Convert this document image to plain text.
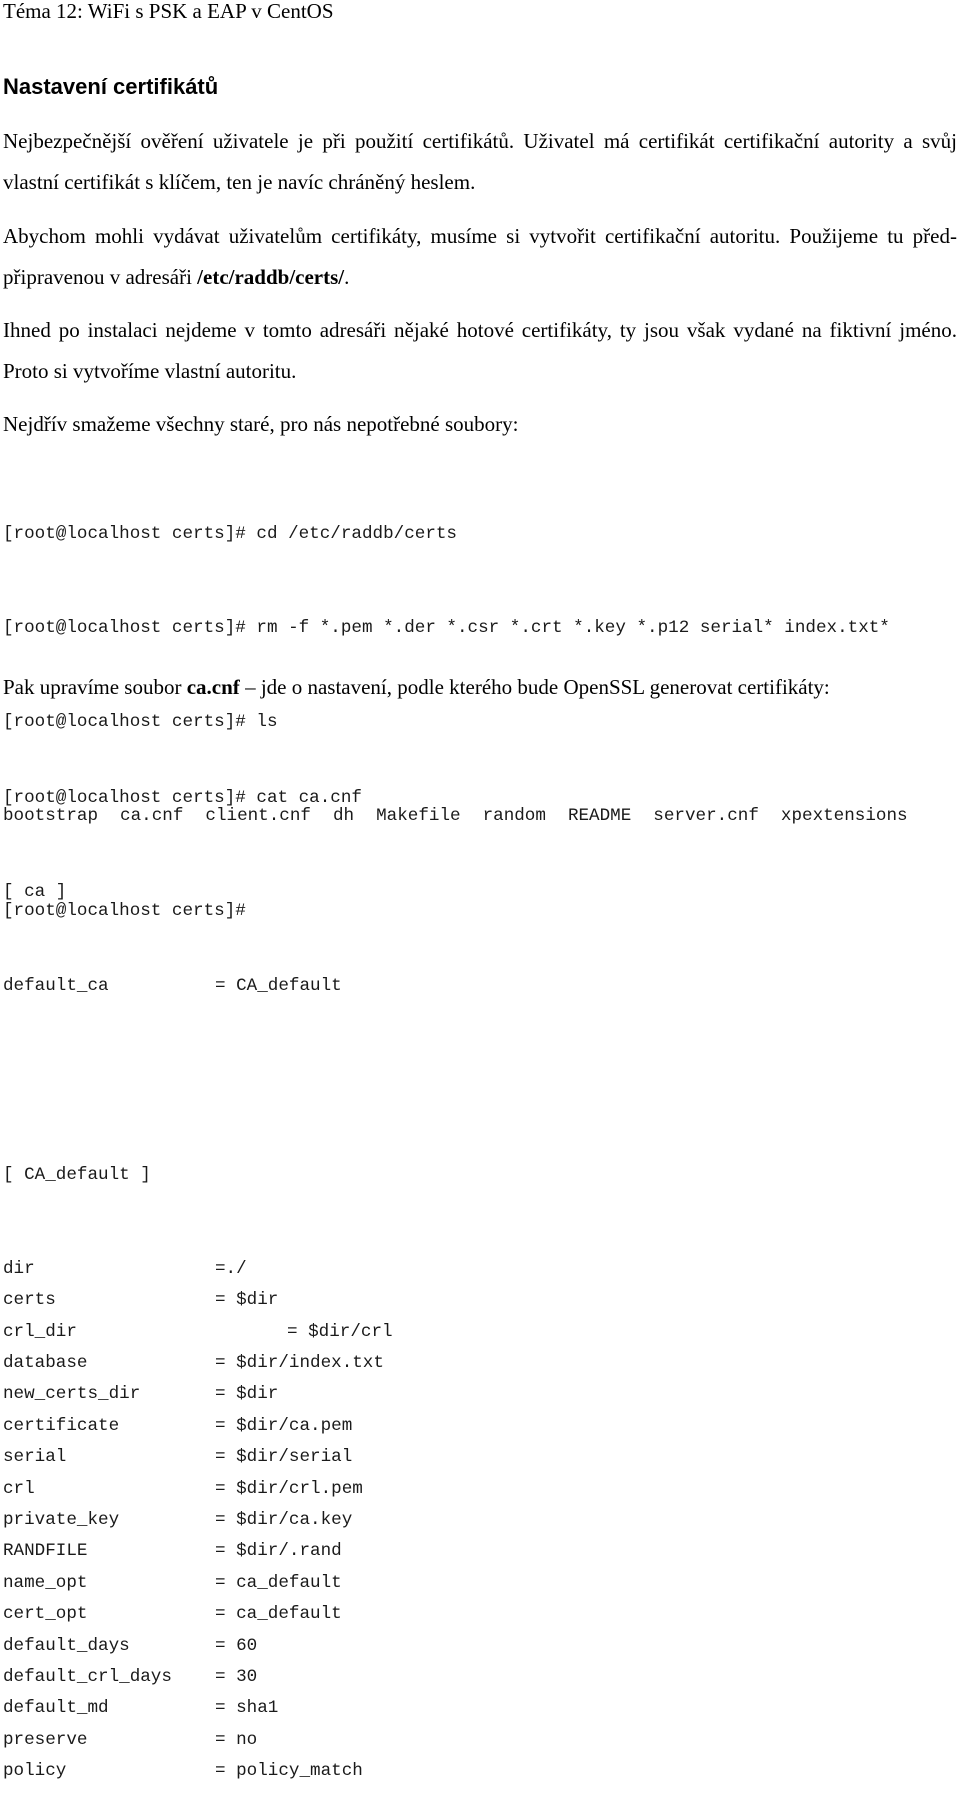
Téma 12: WiFi s PSK a EAP v CentOS
Nastavení certifikátů
Nejbezpečnější ověření uživatele je při použití certifikátů. Uživatel má certifikát certifikační autority a svůj vlastní certifikát s klíčem, ten je navíc chráněný heslem.
Abychom mohli vydávat uživatelům certifikáty, musíme si vytvořit certifikační autoritu. Použijeme tu před-připravenou v adresáři /etc/raddb/certs/.
Ihned po instalaci nejdeme v tomto adresáři nějaké hotové certifikáty, ty jsou však vydané na fiktivní jméno. Proto si vytvoříme vlastní autoritu.
Nejdřív smažeme všechny staré, pro nás nepotřebné soubory:

[root@localhost certs]# cd /etc/raddb/certs

[root@localhost certs]# rm -f *.pem *.der *.csr *.crt *.key *.p12 serial* index.txt*

[root@localhost certs]# ls

bootstrap ca.cnf client.cnf dh Makefile random README server.cnf xpextensions

[root@localhost certs]#

Pak upravíme soubor ca.cnf – jde o nastavení, podle kterého bude OpenSSL generovat certifikáty:

[root@localhost certs]# cat ca.cnf

[ ca ]

default_ca	= CA_default

[ CA_default ]

dir	=./
certs	= $dir
crl_dir	= $dir/crl
database	= $dir/index.txt
new_certs_dir	= $dir
certificate	= $dir/ca.pem
serial	= $dir/serial
crl	= $dir/crl.pem
private_key	= $dir/ca.key
RANDFILE	= $dir/.rand
name_opt	= ca_default
cert_opt	= ca_default
default_days	= 60
default_crl_days = 30
default_md	= sha1
preserve	= no
policy	= policy_match
